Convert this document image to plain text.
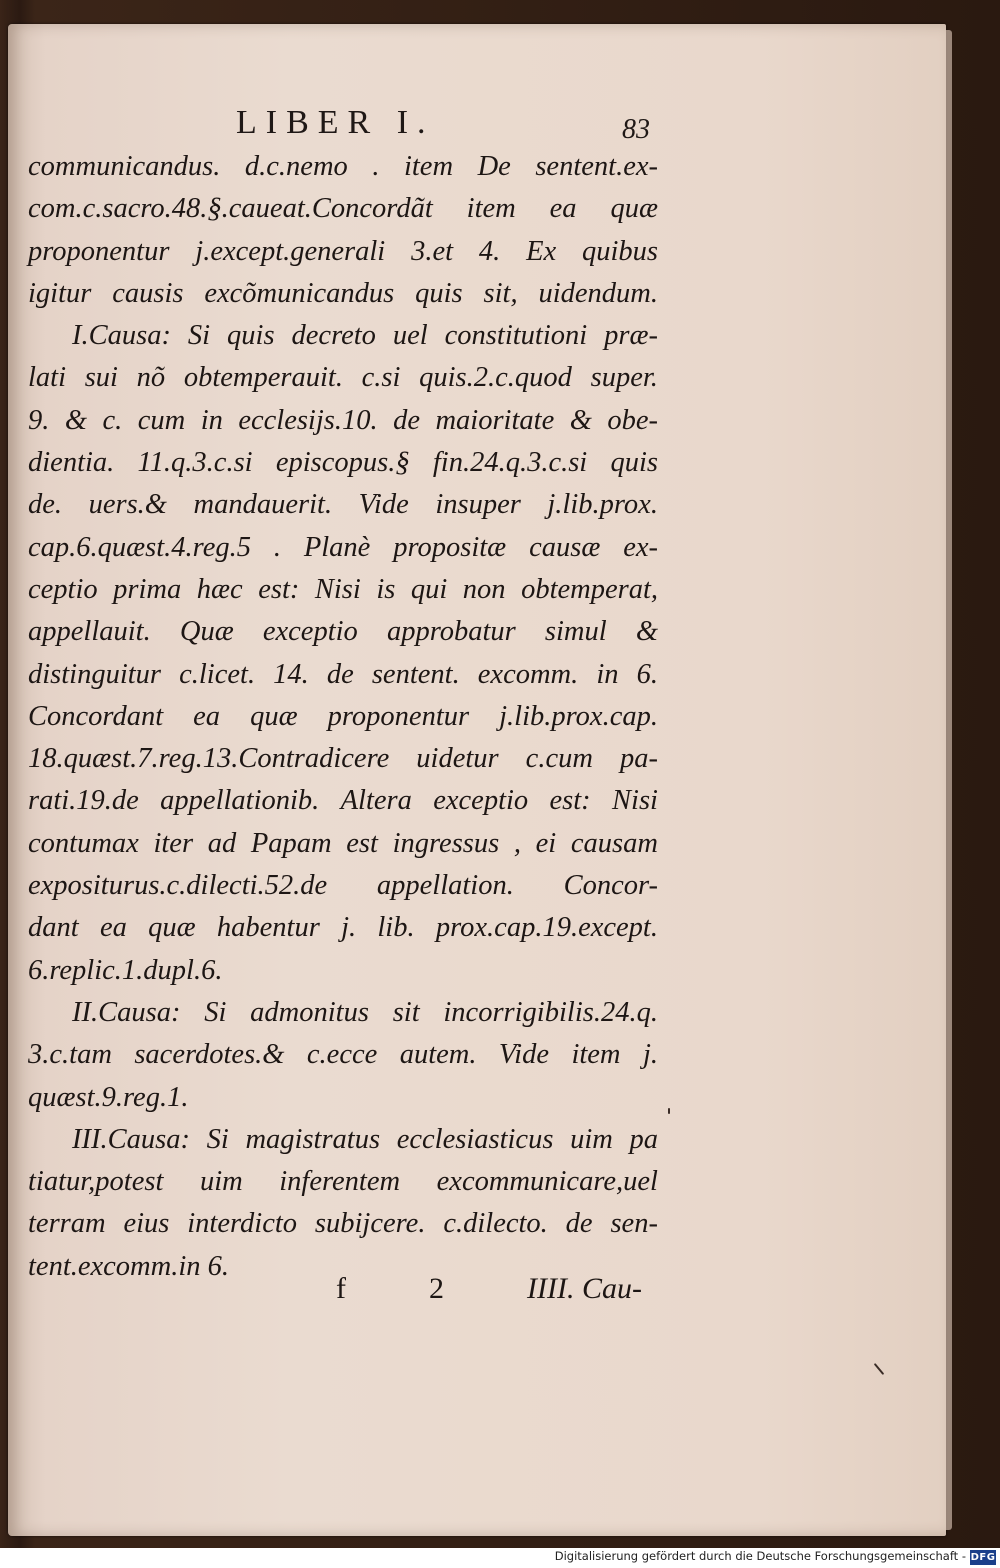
LIBER I.	83
communicandus. d.c.nemo . item De sentent.ex-
com.c.sacro.48.§.caueat.Concordãt item ea quæ
proponentur j.except.generali 3.et 4. Ex quibus
igitur causis excõmunicandus quis sit, uidendum.
I.Causa: Si quis decreto uel constitutioni præ-
lati sui nõ obtemperauit. c.si quis.2.c.quod super.
9. & c. cum in ecclesijs.10. de maioritate & obe-
dientia. 11.q.3.c.si episcopus.§ fin.24.q.3.c.si quis
de. uers.& mandauerit. Vide insuper j.lib.prox.
cap.6.quæst.4.reg.5 . Planè propositæ causæ ex-
ceptio prima hæc est: Nisi is qui non obtemperat,
appellauit. Quæ exceptio approbatur simul &
distinguitur c.licet. 14. de sentent. excomm. in 6.
Concordant ea quæ proponentur j.lib.prox.cap.
18.quæst.7.reg.13.Contradicere uidetur c.cum pa-
rati.19.de appellationib. Altera exceptio est: Nisi
contumax iter ad Papam est ingressus , ei causam
expositurus.c.dilecti.52.de appellation. Concor-
dant ea quæ habentur j. lib. prox.cap.19.except.
6.replic.1.dupl.6.
II.Causa: Si admonitus sit incorrigibilis.24.q.
3.c.tam sacerdotes.& c.ecce autem. Vide item j.
quæst.9.reg.1.
III.Causa: Si magistratus ecclesiasticus uim pa
tiatur,potest uim inferentem excommunicare,uel
terram eius interdicto subijcere. c.dilecto. de sen-
tent.excomm.in 6.
f	2	IIII. Cau-
Digitalisierung gefördert durch die Deutsche Forschungsgemeinschaft - DFG
